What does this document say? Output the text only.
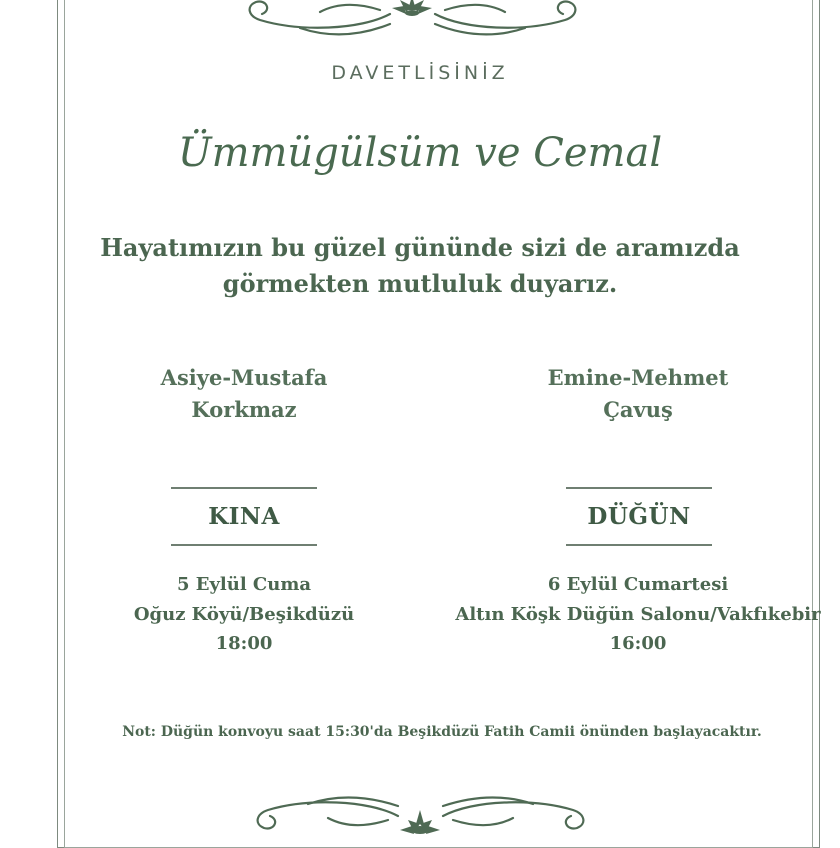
DAVETLİSİNİZ
Ümmügülsüm ve Cemal
Hayatımızın bu güzel gününde sizi de aramızda
görmekten mutluluk duyarız.
Asiye-Mustafa
Korkmaz
Emine-Mehmet
Çavuş
KINA	DÜĞÜN
5 Eylül Cuma
Oğuz Köyü/Beşikdüzü
18:00
6 Eylül Cumartesi
Altın Köşk Düğün Salonu/Vakfıkebir
16:00
Not: Düğün konvoyu saat 15:30'da Beşikdüzü Fatih Camii önünden başlayacaktır.
